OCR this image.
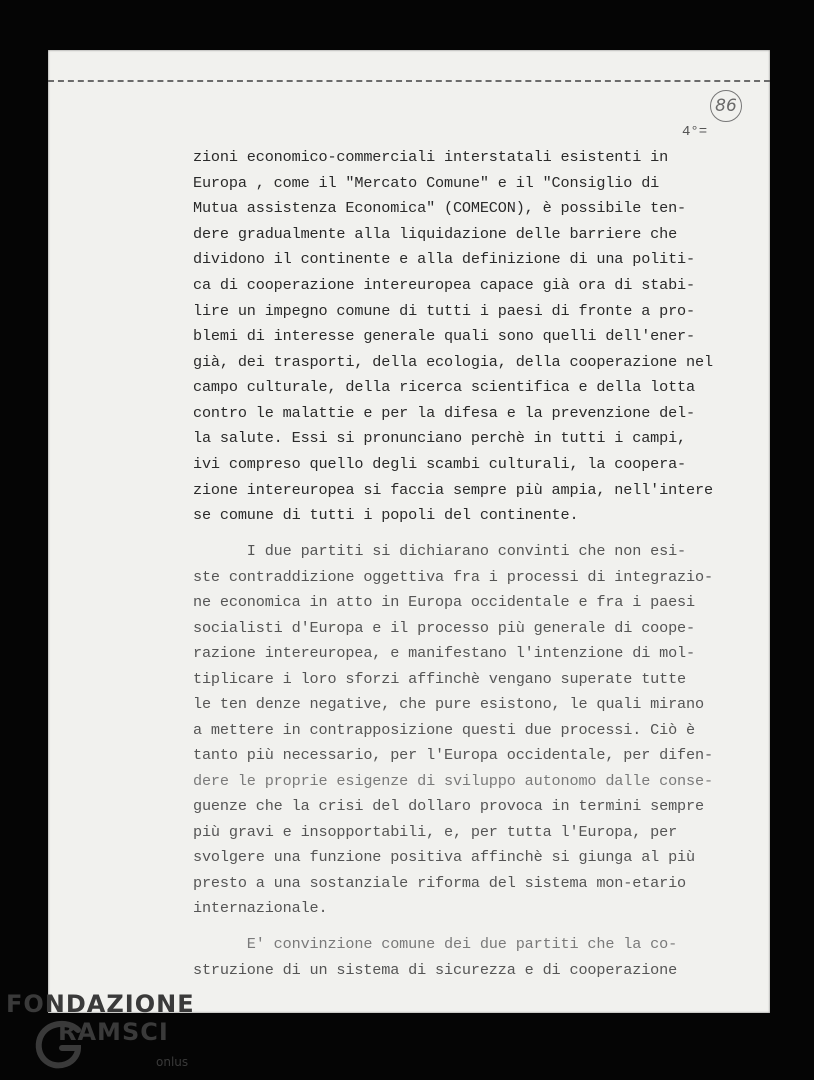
86
4°=
zioni economico-commerciali interstatali esistenti in
Europa , come il "Mercato Comune" e il "Consiglio di
Mutua assistenza Economica" (COMECON), è possibile ten-
dere gradualmente alla liquidazione delle barriere che
dividono il continente e alla definizione di una politi-
ca di cooperazione intereuropea capace già ora di stabi-
lire un impegno comune di tutti i paesi di fronte a pro-
blemi di interesse generale quali sono quelli dell'ener-
già, dei trasporti, della ecologia, della cooperazione nel
campo culturale, della ricerca scientifica e della lotta
contro le malattie e per la difesa e la prevenzione del-
la salute. Essi si pronunciano perchè in tutti i campi,
ivi compreso quello degli scambi culturali, la coopera-
zione intereuropea si faccia sempre più ampia, nell'intere
se comune di tutti i popoli del continente.
I due partiti si dichiarano convinti che non esi-
ste contraddizione oggettiva fra i processi di integrazio-
ne economica in atto in Europa occidentale e fra i paesi
socialisti d'Europa e il processo più generale di coope-
razione intereuropea, e manifestano l'intenzione di mol-
tiplicare i loro sforzi affinchè vengano superate tutte
le ten denze negative, che pure esistono, le quali mirano
a mettere in contrapposizione questi due processi. Ciò è
tanto più necessario, per l'Europa occidentale, per difen-
dere le proprie esigenze di sviluppo autonomo dalle conse-
guenze che la crisi del dollaro provoca in termini sempre
più gravi e insopportabili, e, per tutta l'Europa, per
svolgere una funzione positiva affinchè si giunga al più
presto a una sostanziale riforma del sistema mon-etario
internazionale.
E' convinzione comune dei due partiti che la co-
struzione di un sistema di sicurezza e di cooperazione
FONDAZIONE
RAMSCI
onlus
